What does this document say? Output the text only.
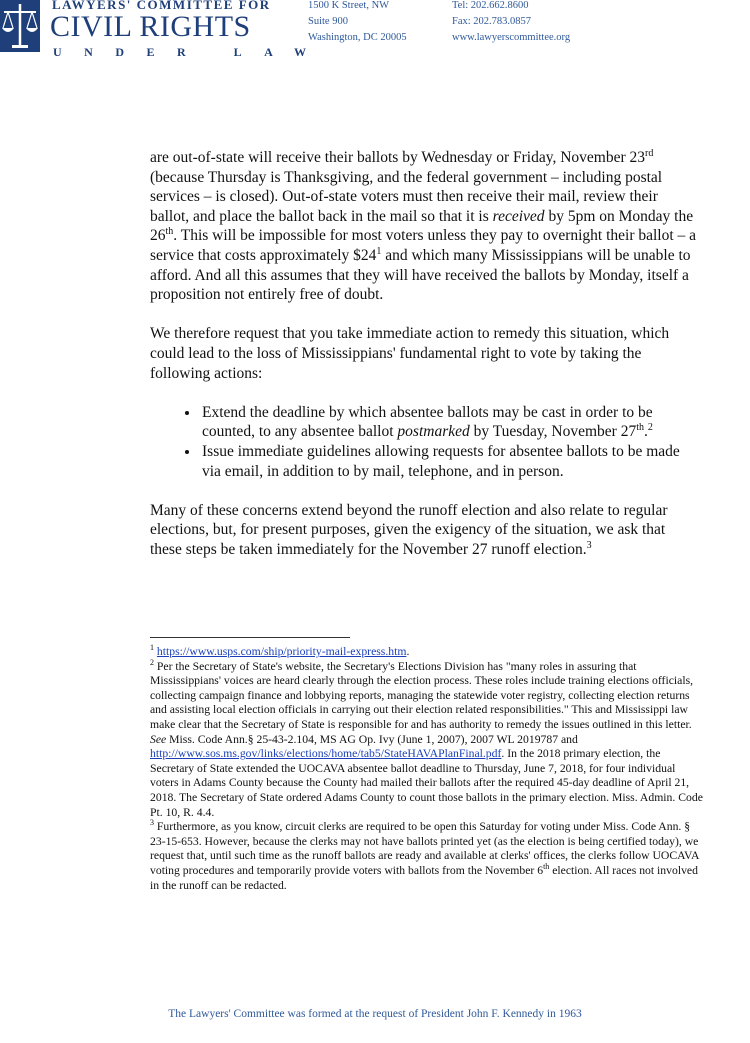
LAWYERS' COMMITTEE FOR
CIVIL RIGHTS
UNDER LAW
1500 K Street, NW
Suite 900
Washington, DC 20005
Tel: 202.662.8600
Fax: 202.783.0857
www.lawyerscommittee.org

are out-of-state will receive their ballots by Wednesday or Friday, November 23rd (because Thursday is Thanksgiving, and the federal government – including postal services – is closed). Out-of-state voters must then receive their mail, review their ballot, and place the ballot back in the mail so that it is received by 5pm on Monday the 26th. This will be impossible for most voters unless they pay to overnight their ballot – a service that costs approximately $\$24^1$ and which many Mississippians will be unable to afford. And all this assumes that they will have received the ballots by Monday, itself a proposition not entirely free of doubt.

We therefore request that you take immediate action to remedy this situation, which could lead to the loss of Mississippians' fundamental right to vote by taking the following actions:

• Extend the deadline by which absentee ballots may be cast in order to be counted, to any absentee ballot postmarked by Tuesday, November 27th.$^2$
• Issue immediate guidelines allowing requests for absentee ballots to be made via email, in addition to by mail, telephone, and in person.

Many of these concerns extend beyond the runoff election and also relate to regular elections, but, for present purposes, given the exigency of the situation, we ask that these steps be taken immediately for the November 27 runoff election.$^3$

$^1$ https://www.usps.com/ship/priority-mail-express.htm.

$^2$ Per the Secretary of State's website, the Secretary's Elections Division has "many roles in assuring that Mississippians' voices are heard clearly through the election process. These roles include training elections officials, collecting campaign finance and lobbying reports, managing the statewide voter registry, collecting election returns and assisting local election officials in carrying out their election related responsibilities." This and Mississippi law make clear that the Secretary of State is responsible for and has authority to remedy the issues outlined in this letter. See Miss. Code Ann.§ 25-43-2.104, MS AG Op. Ivy (June 1, 2007), 2007 WL 2019787 and http://www.sos.ms.gov/links/elections/home/tab5/StateHAVAPlanFinal.pdf. In the 2018 primary election, the Secretary of State extended the UOCAVA absentee ballot deadline to Thursday, June 7, 2018, for four individual voters in Adams County because the County had mailed their ballots after the required 45-day deadline of April 21, 2018. The Secretary of State ordered Adams County to count those ballots in the primary election. Miss. Admin. Code Pt. 10, R. 4.4.

$^3$ Furthermore, as you know, circuit clerks are required to be open this Saturday for voting under Miss. Code Ann. § 23-15-653. However, because the clerks may not have ballots printed yet (as the election is being certified today), we request that, until such time as the runoff ballots are ready and available at clerks' offices, the clerks follow UOCAVA voting procedures and temporarily provide voters with ballots from the November 6th election. All races not involved in the runoff can be redacted.

The Lawyers' Committee was formed at the request of President John F. Kennedy in 1963
